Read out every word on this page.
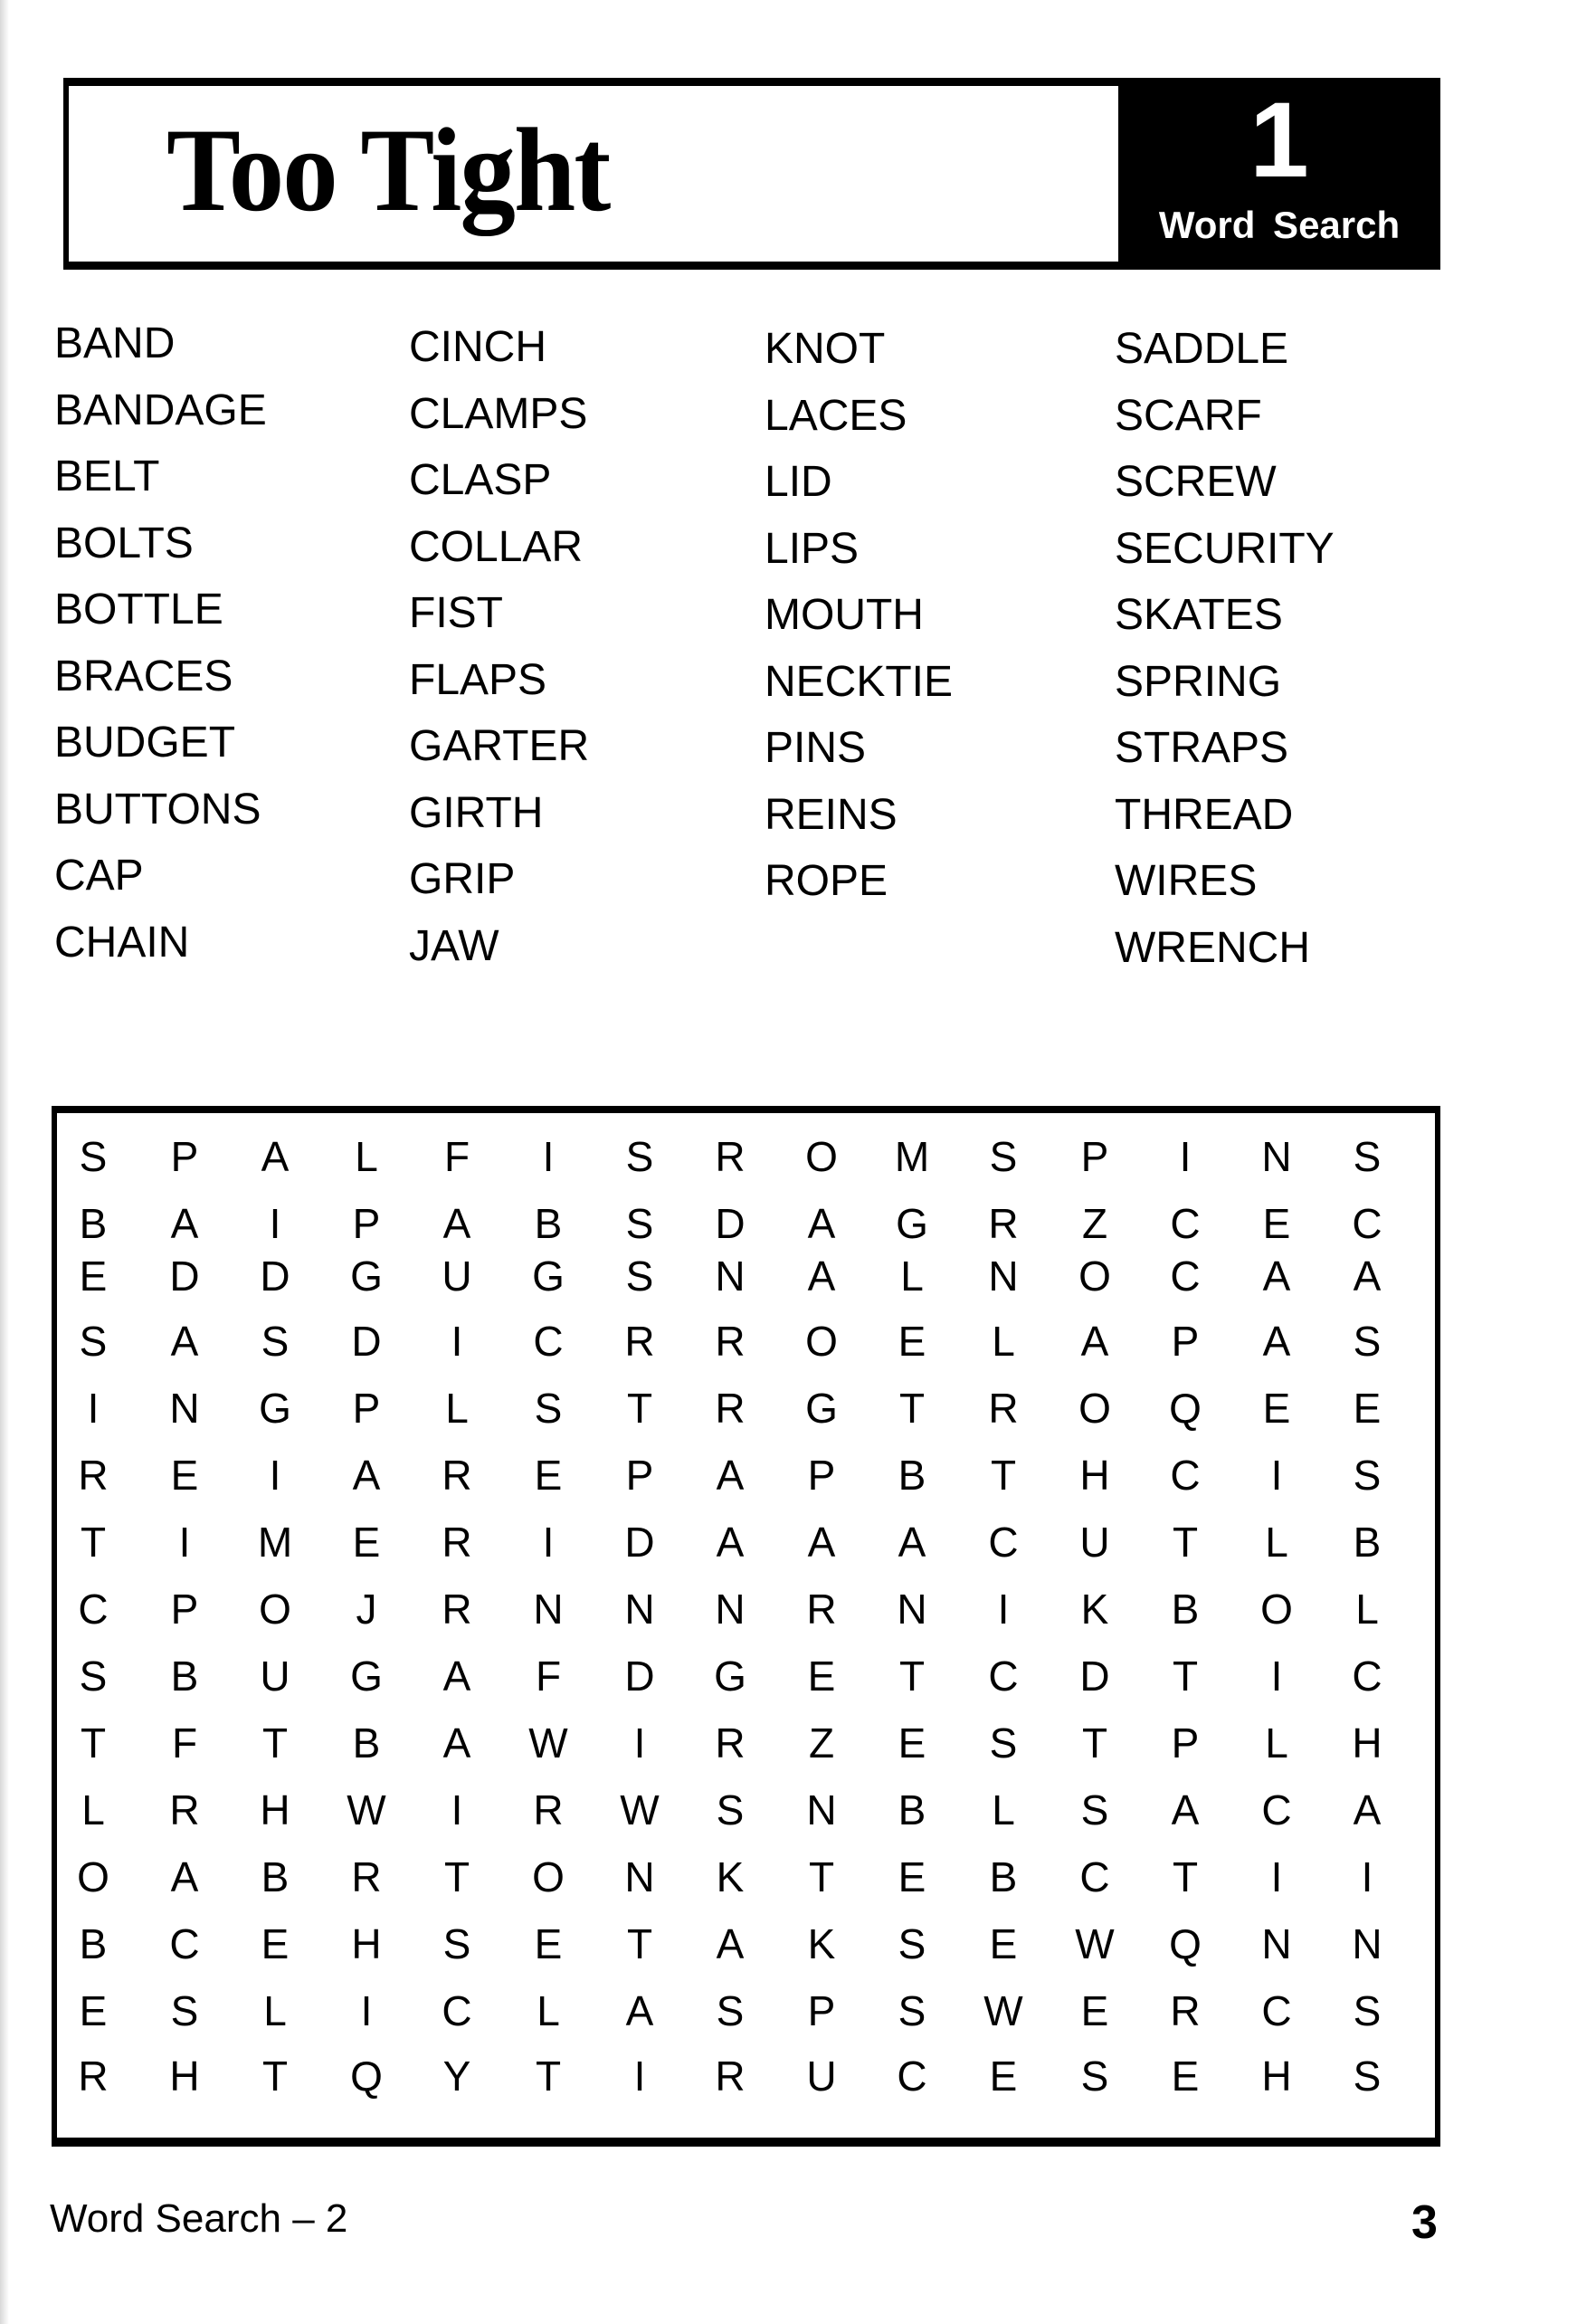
Too Tight	1
Word Search
BAND
BANDAGE
BELT
BOLTS
BOTTLE
BRACES
BUDGET
BUTTONS
CAP
CHAIN
CINCH
CLAMPS
CLASP
COLLAR
FIST
FLAPS
GARTER
GIRTH
GRIP
JAW
KNOT
LACES
LID
LIPS
MOUTH
NECKTIE
PINS
REINS
ROPE
SADDLE
SCARF
SCREW
SECURITY
SKATES
SPRING
STRAPS
THREAD
WIRES
WRENCH
S	P	A	L	F	I	S	R O M	S	P	I	N	S
B	A	I	P	A	B	S	D	A	G R	Z	C	E	C
E	D D G U G	S	N	A	L	N O C	A	A
S	A	S	D	I	C R R O	E	L	A	P	A	S
I	N G	P	L	S	T	R G	T	R O Q	E	E
R	E	I	A	R	E	P	A	P	B	T	H C	I	S
T	I	M	E	R	I	D	A	A	A	C U	T	L	B
C	P	O	J	R N N N R N	I	K	B	O	L
S	B	U G	A	F	D G	E	T	C D	T	I	C
T	F	T	B	A	W	I	R	Z	E	S	T	P	L	H
L	R H W	I	R W	S	N	B	L	S	A	C	A
O	A	B	R	T	O N	K	T	E	B	C	T	I	I
B	C	E	H	S	E	T	A	K	S	E	W Q N N
E	S	L	I	C	L	A	S	P	S	W	E	R C	S
R H	T	Q	Y	T	I	R U C	E	S	E	H	S
Word Search – 2	3
